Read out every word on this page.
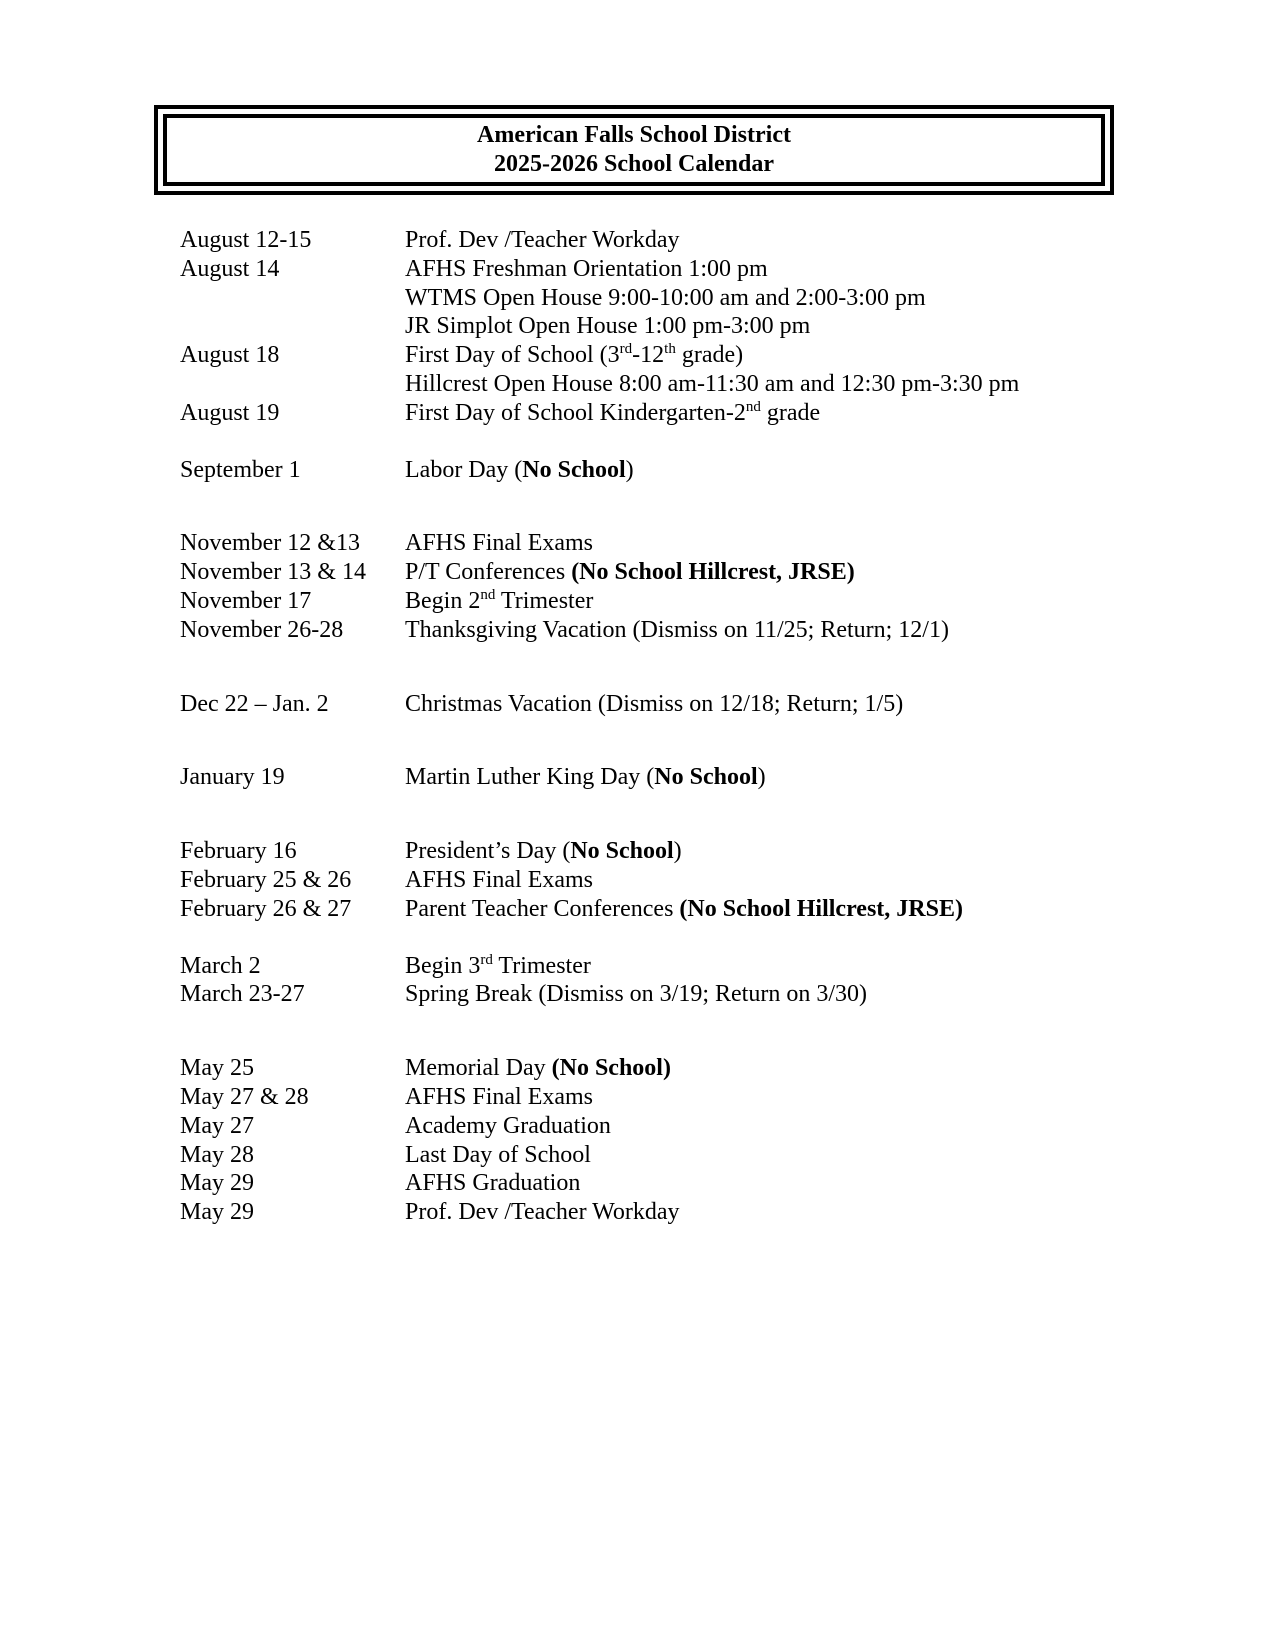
American Falls School District
2025-2026 School Calendar
August 12-15	Prof. Dev /Teacher Workday
August 14	AFHS Freshman Orientation 1:00 pm
WTMS Open House 9:00-10:00 am and 2:00-3:00 pm
JR Simplot Open House 1:00 pm-3:00 pm
August 18	First Day of School (3rd-12th grade)
Hillcrest Open House 8:00 am-11:30 am and 12:30 pm-3:30 pm
August 19	First Day of School Kindergarten-2nd grade
September 1	Labor Day (No School)
November 12 &13 AFHS Final Exams
November 13 & 14 P/T Conferences (No School Hillcrest, JRSE)
November 17	Begin 2nd Trimester
November 26-28	Thanksgiving Vacation (Dismiss on 11/25; Return; 12/1)
Dec 22 – Jan. 2	Christmas Vacation (Dismiss on 12/18; Return; 1/5)
January 19	Martin Luther King Day (No School)
February 16	President’s Day (No School)
February 25 & 26 AFHS Final Exams
February 26 & 27 Parent Teacher Conferences (No School Hillcrest, JRSE)
March 2	Begin 3rd Trimester
March 23-27	Spring Break (Dismiss on 3/19; Return on 3/30)
May 25	Memorial Day (No School)
May 27 & 28	AFHS Final Exams
May 27	Academy Graduation
May 28	Last Day of School
May 29	AFHS Graduation
May 29	Prof. Dev /Teacher Workday
